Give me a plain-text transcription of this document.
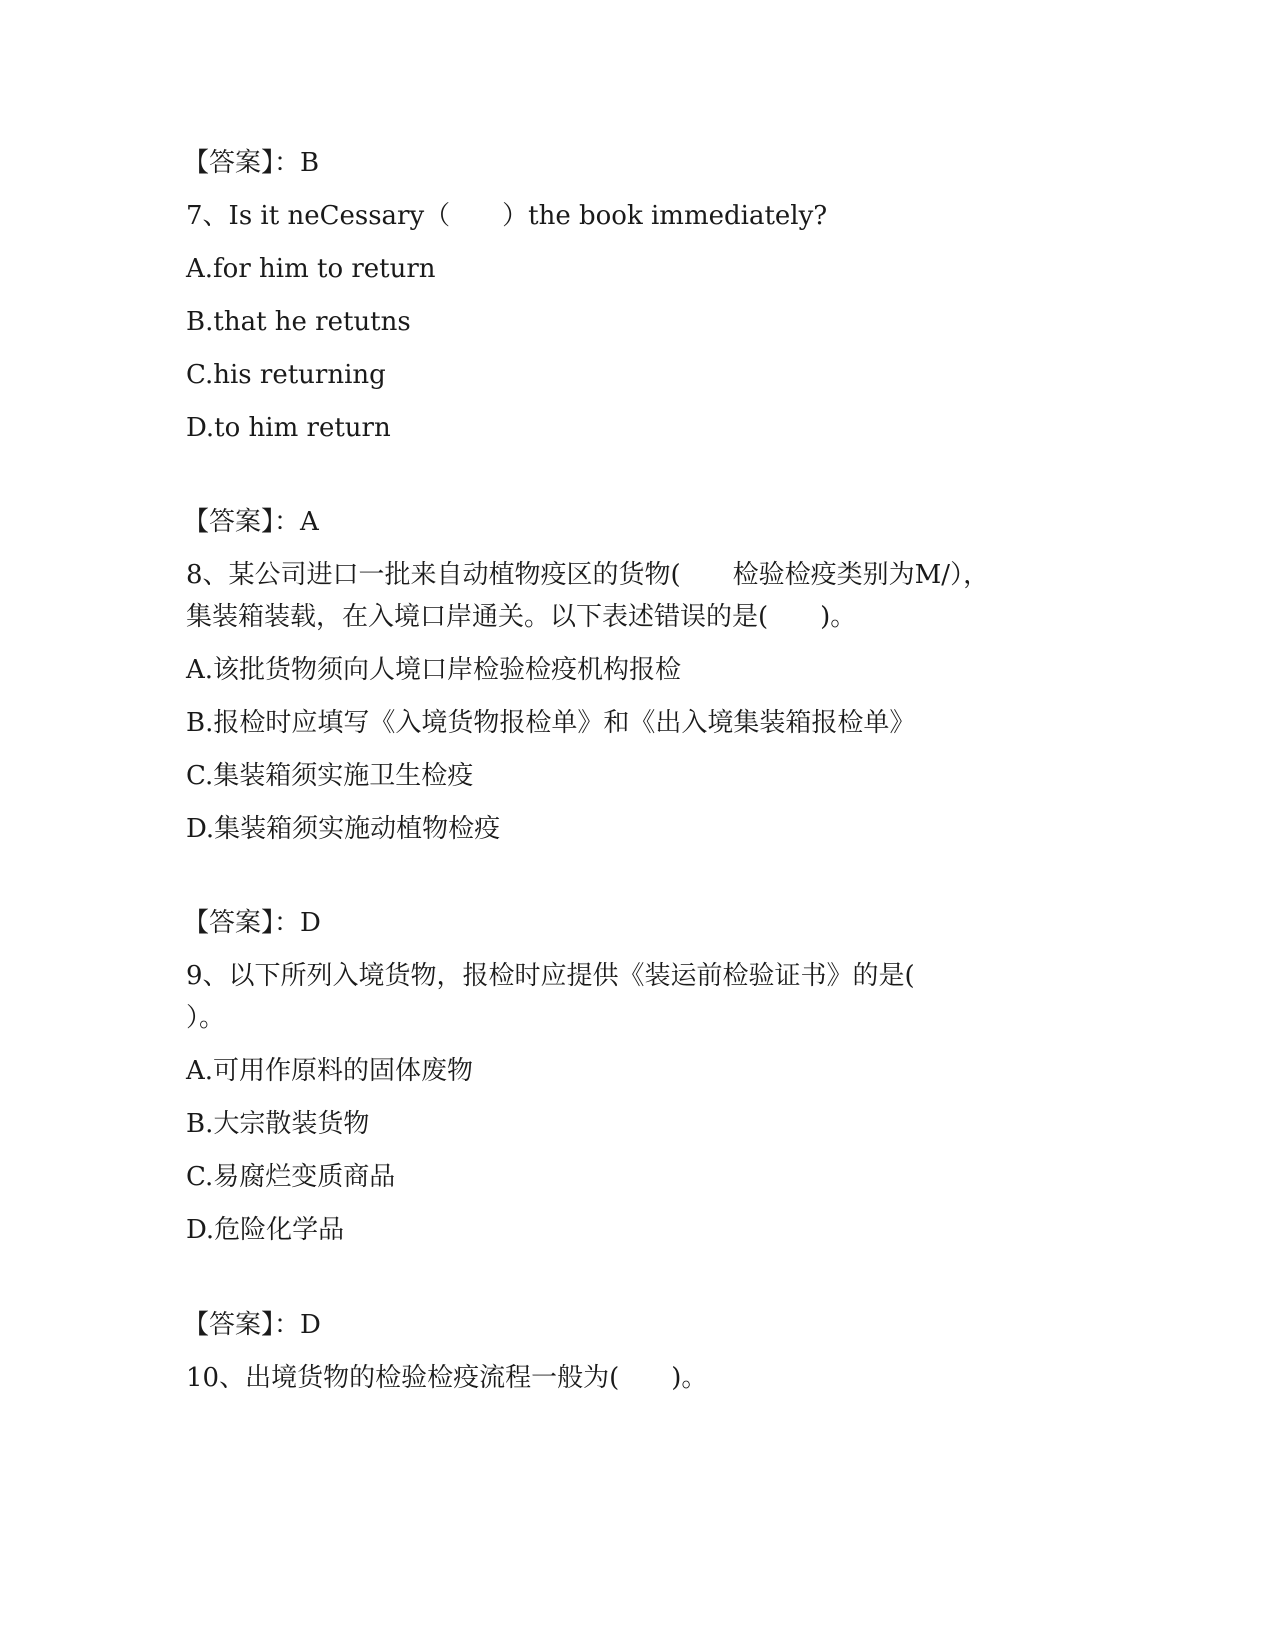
【答案】：B
7、Is it neCessary（　　）the book immediately?
A.for him to return
B.that he retutns
C.his returning
D.to him return
【答案】：A
8、某公司进口一批来自动植物疫区的货物(　　检验检疫类别为M/），
集装箱装载，在入境口岸通关。以下表述错误的是(　　)。
A.该批货物须向人境口岸检验检疫机构报检
B.报检时应填写《入境货物报检单》和《出入境集装箱报检单》
C.集装箱须实施卫生检疫
D.集装箱须实施动植物检疫
【答案】：D
9、以下所列入境货物，报检时应提供《装运前检验证书》的是(
）。
A.可用作原料的固体废物
B.大宗散装货物
C.易腐烂变质商品
D.危险化学品
【答案】：D
10、出境货物的检验检疫流程一般为(　　)。
